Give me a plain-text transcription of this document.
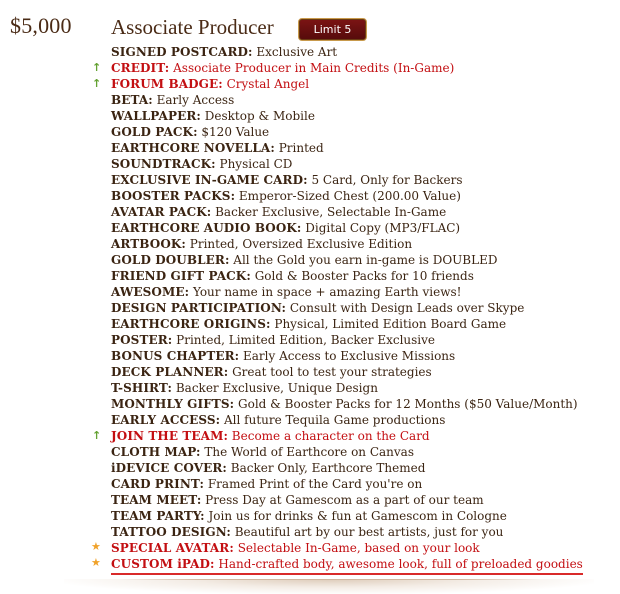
$5,000 Associate Producer	Limit 5
SIGNED POSTCARD: Exclusive Art
↑ CREDIT: Associate Producer in Main Credits (In-Game)
↑ FORUM BADGE: Crystal Angel
BETA: Early Access
WALLPAPER: Desktop & Mobile
GOLD PACK: $120 Value
EARTHCORE NOVELLA: Printed
SOUNDTRACK: Physical CD
EXCLUSIVE IN-GAME CARD: 5 Card, Only for Backers
BOOSTER PACKS: Emperor-Sized Chest (200.00 Value)
AVATAR PACK: Backer Exclusive, Selectable In-Game
EARTHCORE AUDIO BOOK: Digital Copy (MP3/FLAC)
ARTBOOK: Printed, Oversized Exclusive Edition
GOLD DOUBLER: All the Gold you earn in-game is DOUBLED
FRIEND GIFT PACK: Gold & Booster Packs for 10 friends
AWESOME: Your name in space + amazing Earth views!
DESIGN PARTICIPATION: Consult with Design Leads over Skype
EARTHCORE ORIGINS: Physical, Limited Edition Board Game
POSTER: Printed, Limited Edition, Backer Exclusive
BONUS CHAPTER: Early Access to Exclusive Missions
DECK PLANNER: Great tool to test your strategies
T-SHIRT: Backer Exclusive, Unique Design
MONTHLY GIFTS: Gold & Booster Packs for 12 Months ($50 Value/Month)
EARLY ACCESS: All future Tequila Game productions
↑ JOIN THE TEAM: Become a character on the Card
CLOTH MAP: The World of Earthcore on Canvas
iDEVICE COVER: Backer Only, Earthcore Themed
CARD PRINT: Framed Print of the Card you're on
TEAM MEET: Press Day at Gamescom as a part of our team
TEAM PARTY: Join us for drinks & fun at Gamescom in Cologne
TATTOO DESIGN: Beautiful art by our best artists, just for you
★ SPECIAL AVATAR: Selectable In-Game, based on your look
★ CUSTOM iPAD: Hand-crafted body, awesome look, full of preloaded goodies
